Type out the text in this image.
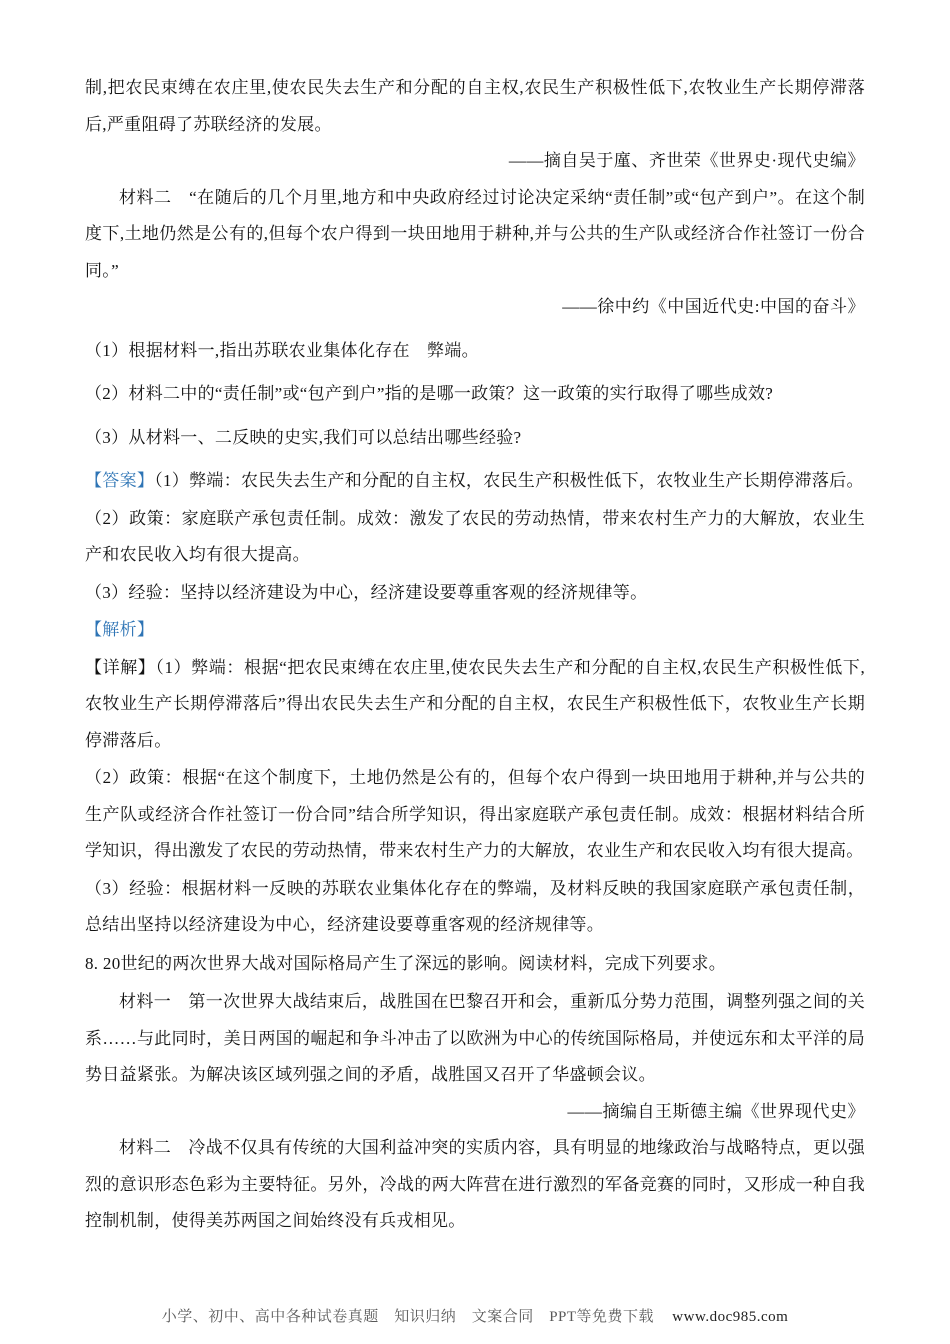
制,把农民束缚在农庄里,使农民失去生产和分配的自主权,农民生产积极性低下,农牧业生产长期停滞落后,严重阻碍了苏联经济的发展。

——摘自吴于廑、齐世荣《世界史·现代史编》

材料二　“在随后的几个月里,地方和中央政府经过讨论决定采纳“责任制”或“包产到户”。在这个制度下,土地仍然是公有的,但每个农户得到一块田地用于耕种,并与公共的生产队或经济合作社签订一份合同。”

——徐中约《中国近代史:中国的奋斗》

（1）根据材料一,指出苏联农业集体化存在　弊端。

（2）材料二中的“责任制”或“包产到户”指的是哪一政策？这一政策的实行取得了哪些成效?

（3）从材料一、二反映的史实,我们可以总结出哪些经验?

【答案】（1）弊端：农民失去生产和分配的自主权，农民生产积极性低下，农牧业生产长期停滞落后。

（2）政策：家庭联产承包责任制。成效：激发了农民的劳动热情，带来农村生产力的大解放，农业生产和农民收入均有很大提高。

（3）经验：坚持以经济建设为中心，经济建设要尊重客观的经济规律等。

【解析】

【详解】（1）弊端：根据“把农民束缚在农庄里,使农民失去生产和分配的自主权,农民生产积极性低下,农牧业生产长期停滞落后”得出农民失去生产和分配的自主权，农民生产积极性低下，农牧业生产长期停滞落后。

（2）政策：根据“在这个制度下，土地仍然是公有的，但每个农户得到一块田地用于耕种,并与公共的生产队或经济合作社签订一份合同”结合所学知识，得出家庭联产承包责任制。成效：根据材料结合所学知识，得出激发了农民的劳动热情，带来农村生产力的大解放，农业生产和农民收入均有很大提高。

（3）经验：根据材料一反映的苏联农业集体化存在的弊端，及材料反映的我国家庭联产承包责任制，总结出坚持以经济建设为中心，经济建设要尊重客观的经济规律等。

8. 20世纪的两次世界大战对国际格局产生了深远的影响。阅读材料，完成下列要求。

材料一　第一次世界大战结束后，战胜国在巴黎召开和会，重新瓜分势力范围，调整列强之间的关系……与此同时，美日两国的崛起和争斗冲击了以欧洲为中心的传统国际格局，并使远东和太平洋的局势日益紧张。为解决该区域列强之间的矛盾，战胜国又召开了华盛顿会议。

——摘编自王斯德主编《世界现代史》

材料二　冷战不仅具有传统的大国利益冲突的实质内容，具有明显的地缘政治与战略特点，更以强烈的意识形态色彩为主要特征。另外，冷战的两大阵营在进行激烈的军备竞赛的同时，又形成一种自我控制机制，使得美苏两国之间始终没有兵戎相见。

小学、初中、高中各种试卷真题　知识归纳　文案合同　PPT等免费下载 www.doc985.com
